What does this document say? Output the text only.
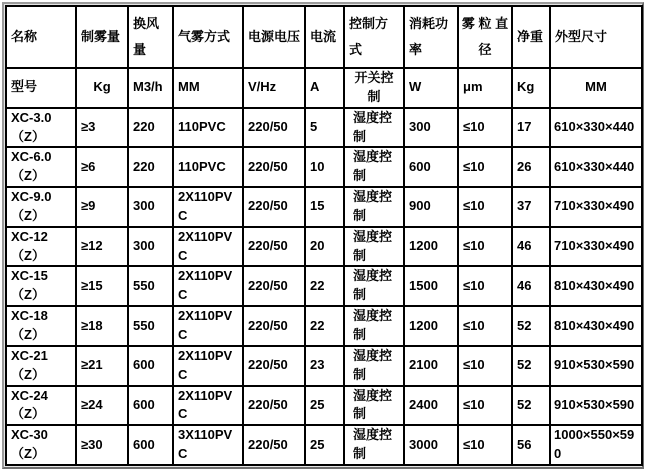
名称	制雾量	换风量	气雾方式	电源电压	电流	控制方式	消耗功率	雾 粒 直 径	净重	外型尺寸
型号	Kg	M3/h	MM	V/Hz	A	开关控制	W	μm	Kg	MM
XC-3.0（Z）	≥3	220	110PVC	220/50	5	湿度控制	300	≤10	17	610×330×440
XC-6.0（Z）	≥6	220	110PVC	220/50	10	湿度控制	600	≤10	26	610×330×440
XC-9.0（Z）	≥9	300	2X110PVC	220/50	15	湿度控制	900	≤10	37	710×330×490
XC-12（Z）	≥12	300	2X110PVC	220/50	20	湿度控制	1200	≤10	46	710×330×490
XC-15（Z）	≥15	550	2X110PVC	220/50	22	湿度控制	1500	≤10	46	810×430×490
XC-18（Z）	≥18	550	2X110PVC	220/50	22	湿度控制	1200	≤10	52	810×430×490
XC-21（Z）	≥21	600	2X110PVC	220/50	23	湿度控制	2100	≤10	52	910×530×590
XC-24（Z）	≥24	600	2X110PVC	220/50	25	湿度控制	2400	≤10	52	910×530×590
XC-30（Z）	≥30	600	3X110PVC	220/50	25	湿度控制	3000	≤10	56	1000×550×590
